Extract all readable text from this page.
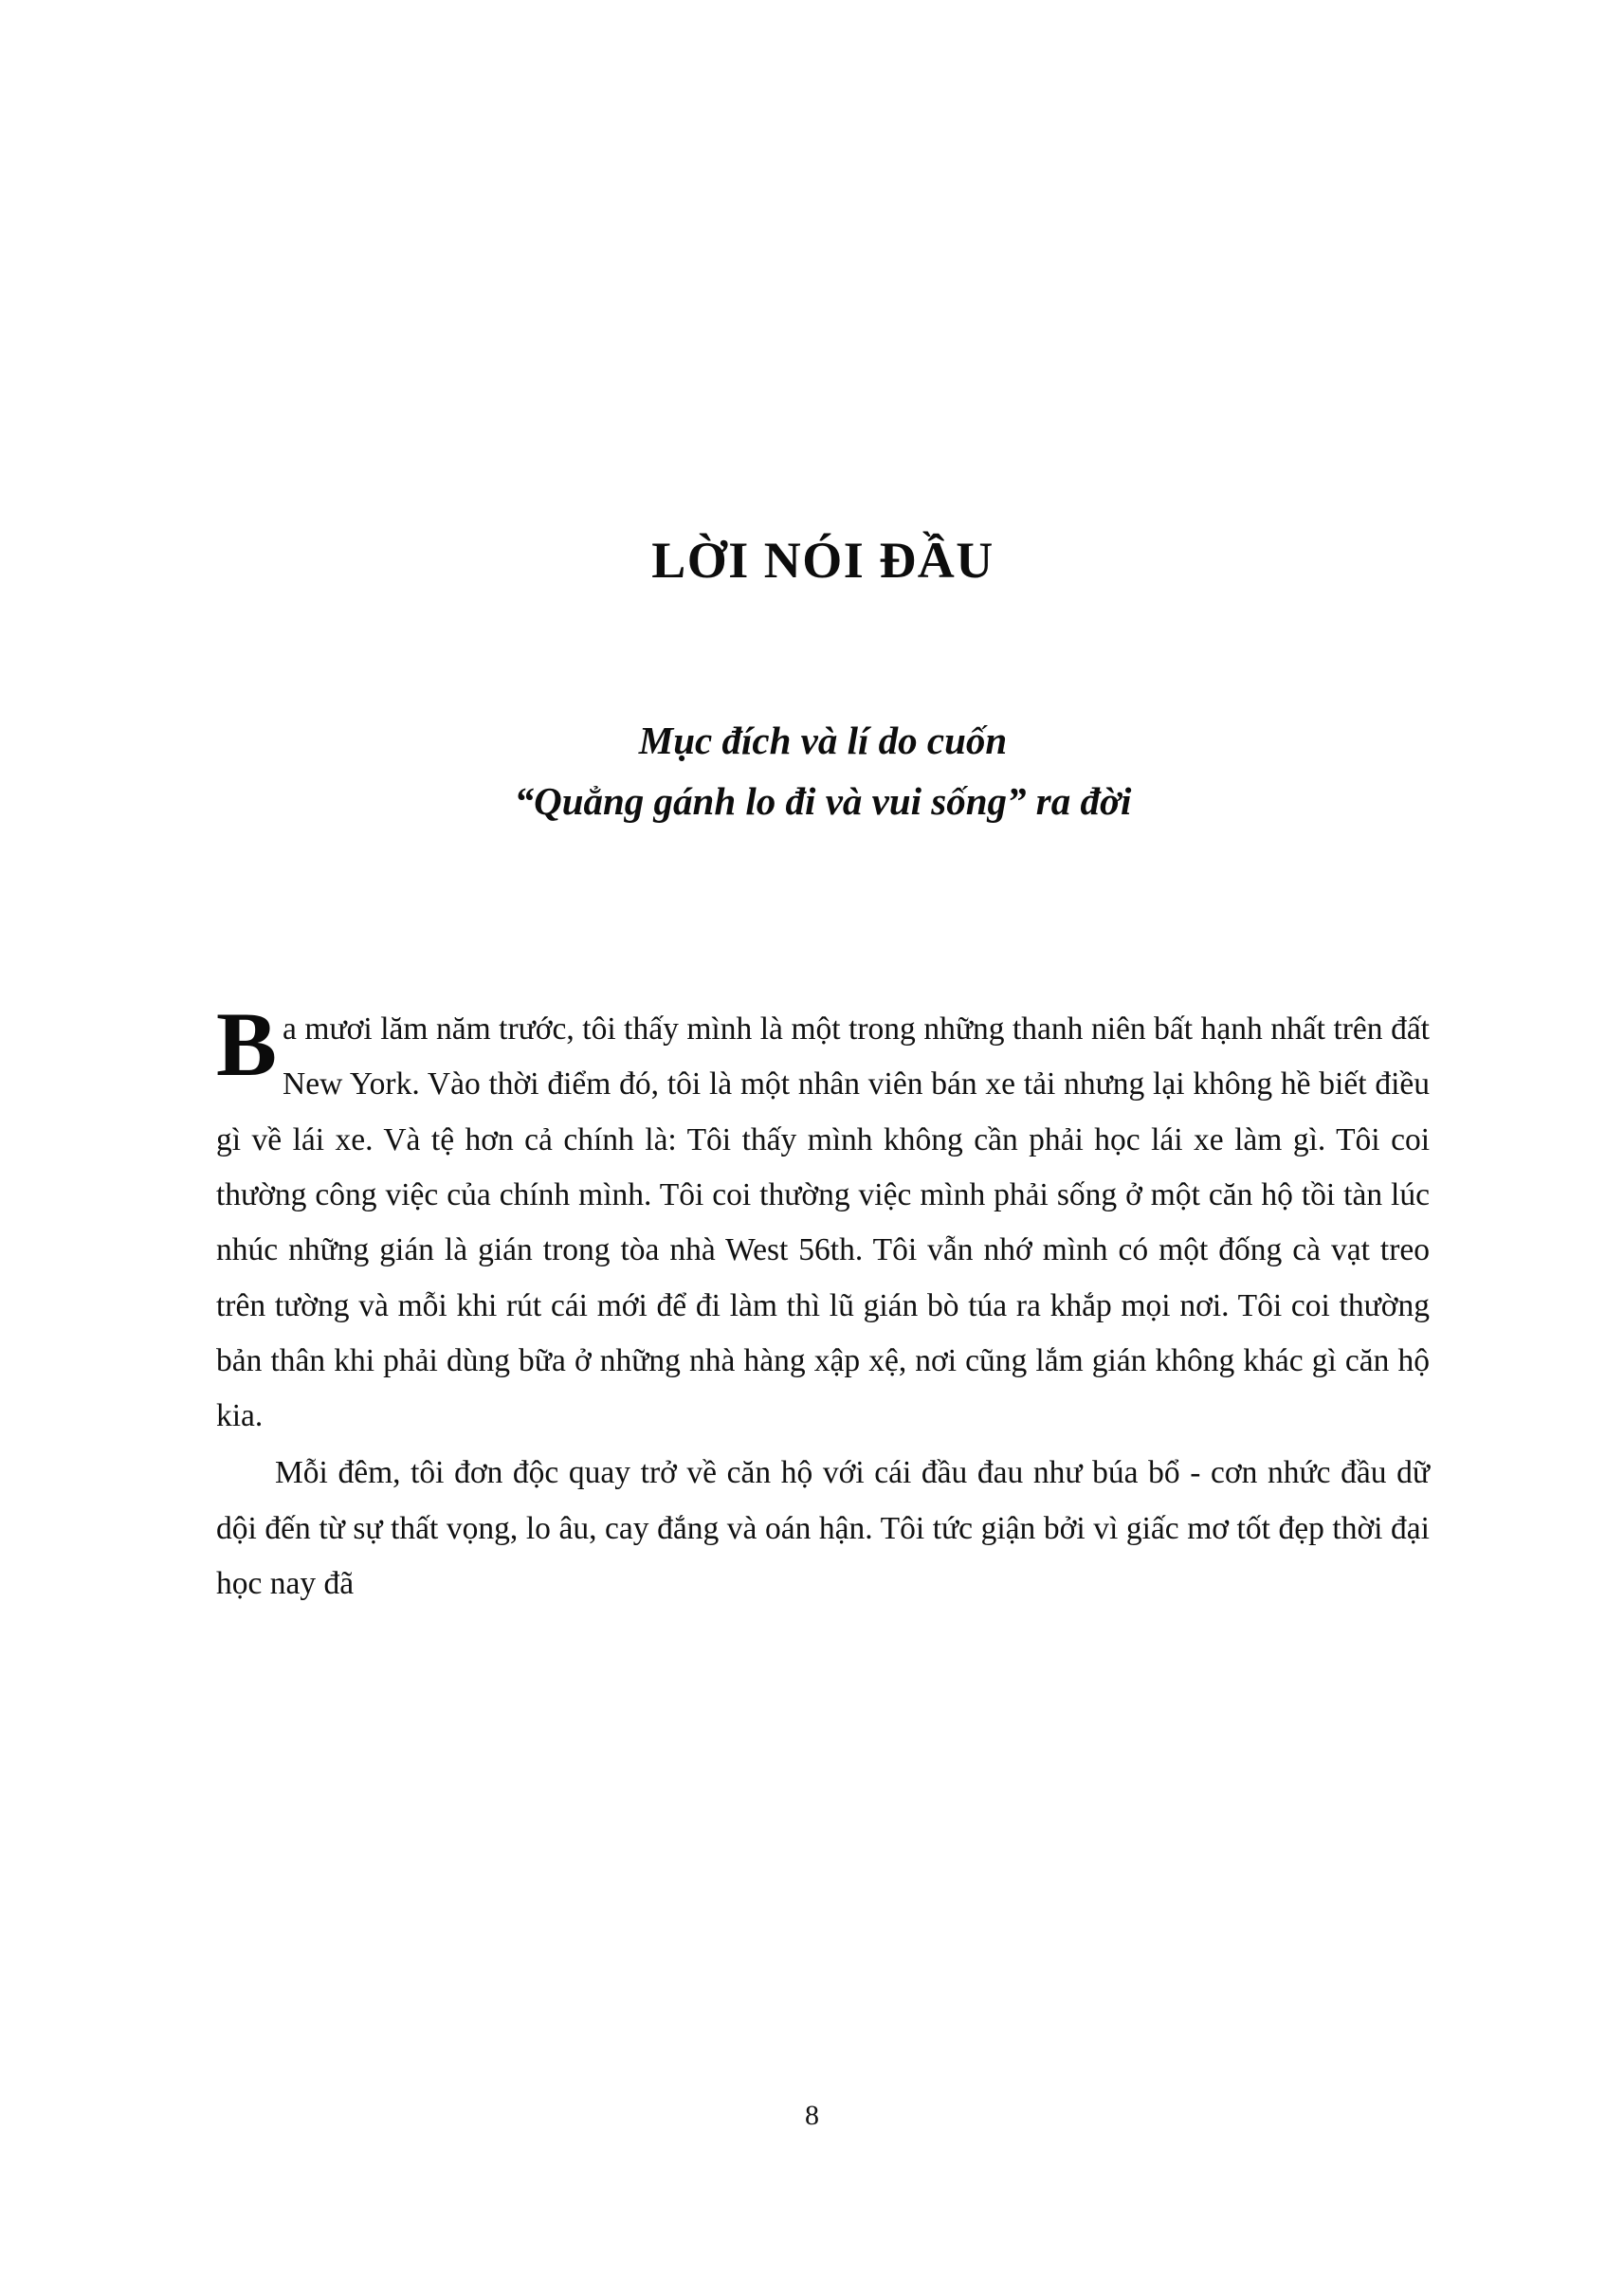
LỜI NÓI ĐẦU
Mục đích và lí do cuốn
“Quẳng gánh lo đi và vui sống” ra đời

Ba mươi lăm năm trước, tôi thấy mình là một trong những thanh niên bất hạnh nhất trên đất New York. Vào thời điểm đó, tôi là một nhân viên bán xe tải nhưng lại không hề biết điều gì về lái xe. Và tệ hơn cả chính là: Tôi thấy mình không cần phải học lái xe làm gì. Tôi coi thường công việc của chính mình. Tôi coi thường việc mình phải sống ở một căn hộ tồi tàn lúc nhúc những gián là gián trong tòa nhà West 56th. Tôi vẫn nhớ mình có một đống cà vạt treo trên tường và mỗi khi rút cái mới để đi làm thì lũ gián bò túa ra khắp mọi nơi. Tôi coi thường bản thân khi phải dùng bữa ở những nhà hàng xập xệ, nơi cũng lắm gián không khác gì căn hộ kia.

Mỗi đêm, tôi đơn độc quay trở về căn hộ với cái đầu đau như búa bổ - cơn nhức đầu dữ dội đến từ sự thất vọng, lo âu, cay đắng và oán hận. Tôi tức giận bởi vì giấc mơ tốt đẹp thời đại học nay đã

8
